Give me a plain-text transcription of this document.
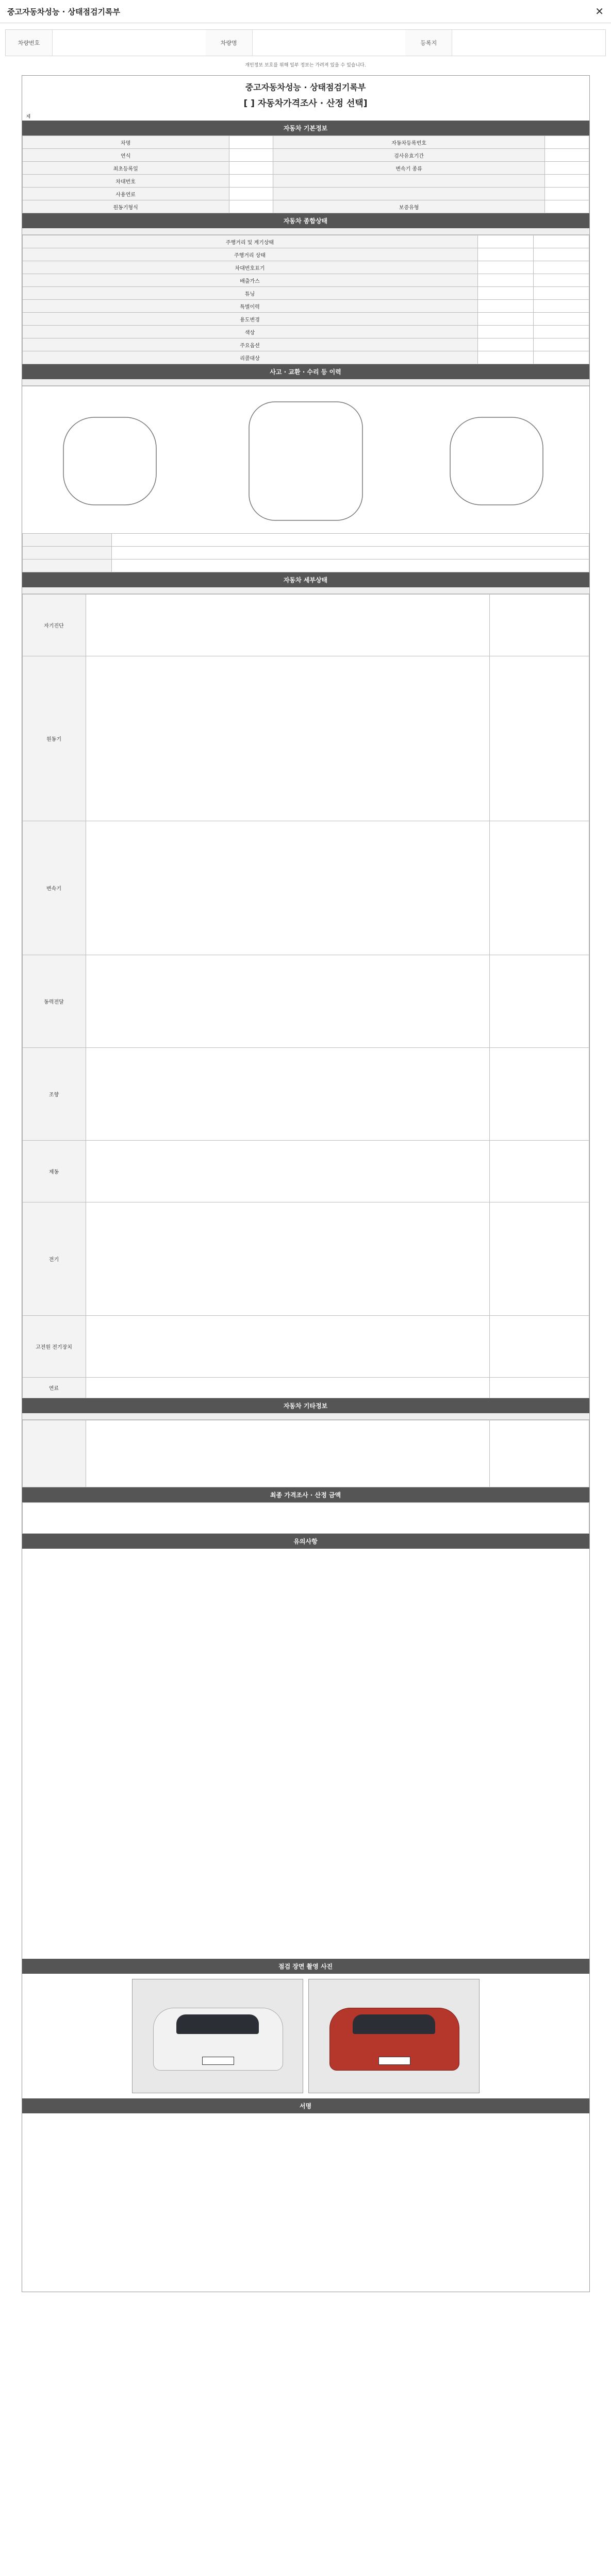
중고자동차성능 · 상태점검기록부	✕
차량번호	차량명	등록지
개인정보 보호를 위해 일부 정보는 가려져 있을 수 있습니다.
중고자동차성능 · 상태점검기록부
[ ] 자동차가격조사 · 산정 선택]
제
자동차 기본정보
차명		자동차등록번호	
연식		검사유효기간	
최초등록일		변속기 종류	
차대번호			
사용연료			
원동기형식		보증유형	
자동차 종합상태
주행거리 및 계기상태		
주행거리 상태		
차대번호표기		
배출가스		
튜닝		
특별이력		
용도변경		
색상		
주요옵션		
리콜대상		
사고 · 교환 · 수리 등 이력

자동차 세부상태
자기진단		
원동기		
변속기		
동력전달		
조향		
제동		
전기		
고전원 전기장치		
연료		
자동차 기타정보

최종 가격조사 · 산정 금액
유의사항
점검 장면 촬영 사진
서명
